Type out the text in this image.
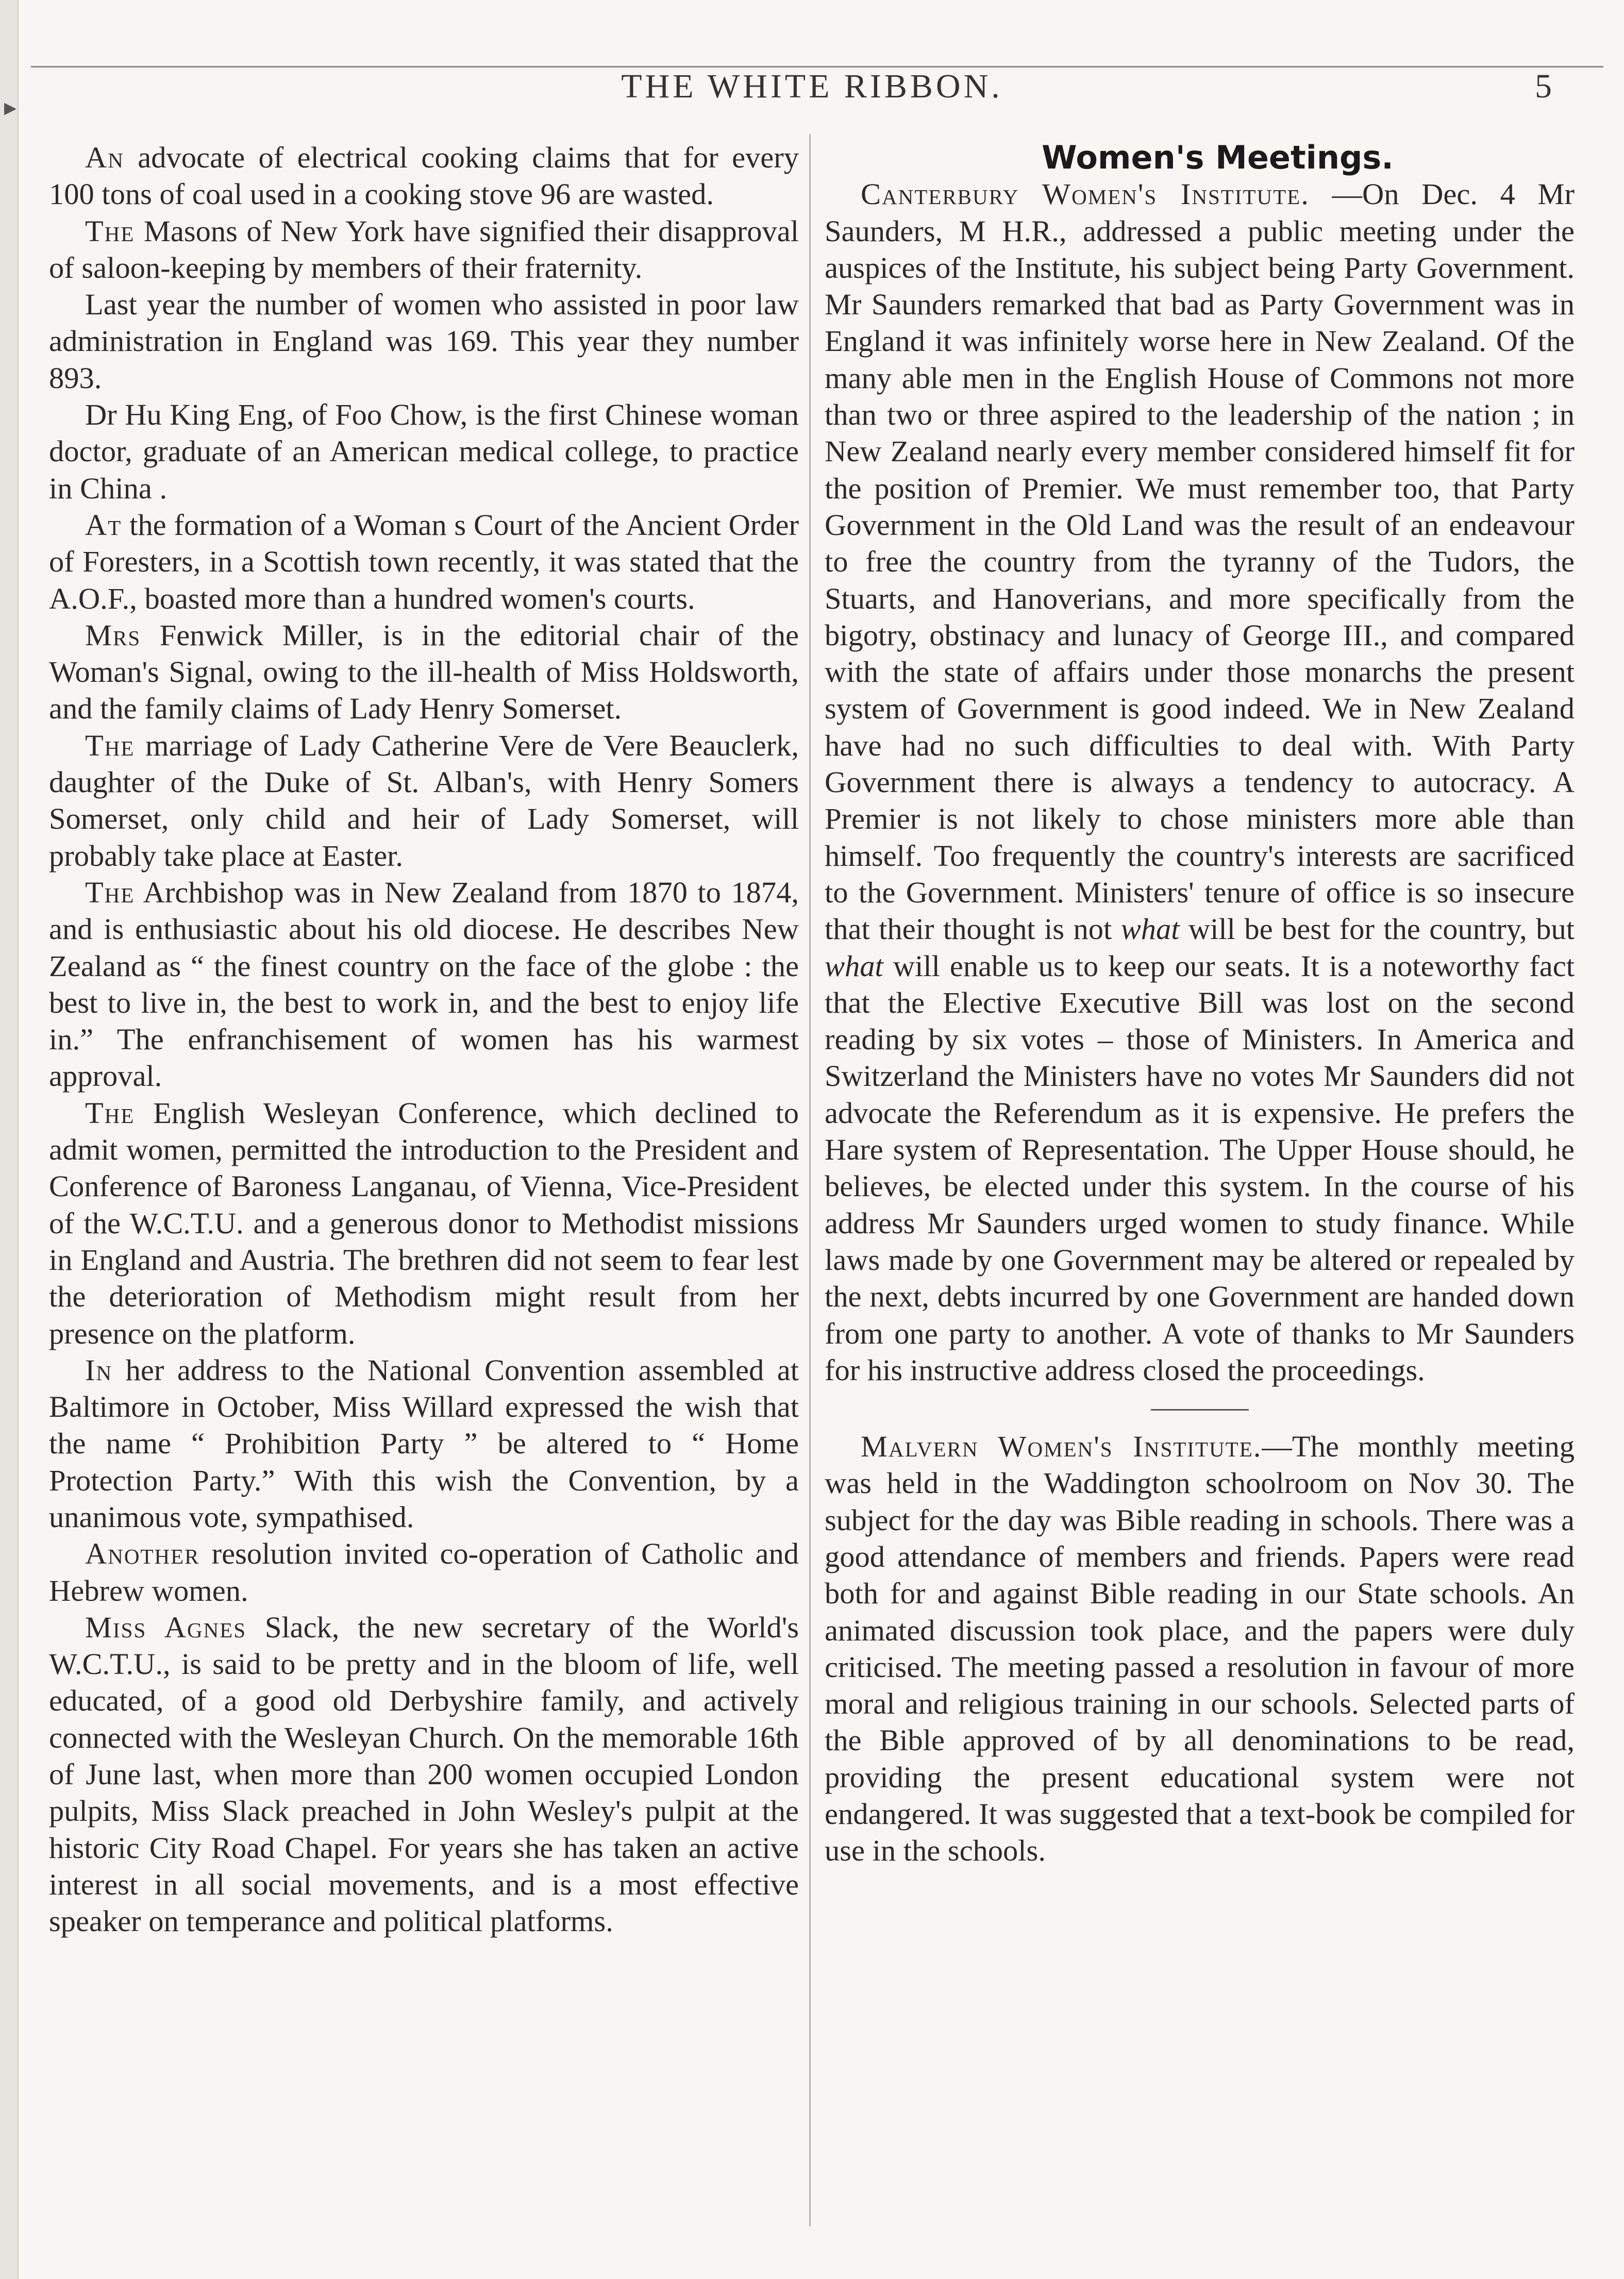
▸
THE WHITE RIBBON.	5

An advocate of electrical cooking claims that for every 100 tons of coal used in a cooking stove 96 are wasted.

The Masons of New York have signified their disapproval of saloon-keeping by members of their fraternity.

Last year the number of women who assisted in poor law administration in England was 169. This year they number 893.

Dr Hu King Eng, of Foo Chow, is the first Chinese woman doctor, graduate of an American medical college, to practice in China .

At the formation of a Woman s Court of the Ancient Order of Foresters, in a Scottish town recently, it was stated that the A.O.F., boasted more than a hundred women's courts.

Mrs Fenwick Miller, is in the editorial chair of the Woman's Signal, owing to the ill-health of Miss Holdsworth, and the family claims of Lady Henry Somerset.

The marriage of Lady Catherine Vere de Vere Beauclerk, daughter of the Duke of St. Alban's, with Henry Somers Somerset, only child and heir of Lady Somerset, will probably take place at Easter.

The Archbishop was in New Zealand from 1870 to 1874, and is enthusiastic about his old diocese. He describes New Zealand as “ the finest country on the face of the globe : the best to live in, the best to work in, and the best to enjoy life in.” The enfranchisement of women has his warmest approval.

The English Wesleyan Conference, which declined to admit women, permitted the introduction to the President and Conference of Baroness Langanau, of Vienna, Vice-President of the W.C.T.U. and a generous donor to Methodist missions in England and Austria. The brethren did not seem to fear lest the deterioration of Methodism might result from her presence on the platform.

In her address to the National Convention assembled at Baltimore in October, Miss Willard expressed the wish that the name “ Prohibition Party ” be altered to “ Home Protection Party.” With this wish the Convention, by a unanimous vote, sympathised.

Another resolution invited co-operation of Catholic and Hebrew women.

Miss Agnes Slack, the new secretary of the World's W.C.T.U., is said to be pretty and in the bloom of life, well educated, of a good old Derbyshire family, and actively connected with the Wesleyan Church. On the memorable 16th of June last, when more than 200 women occupied London pulpits, Miss Slack preached in John Wesley's pulpit at the historic City Road Chapel. For years she has taken an active interest in all social movements, and is a most effective speaker on temperance and political platforms.

Women's Meetings.

Canterbury Women's Institute. —On Dec. 4 Mr Saunders, M H.R., addressed a public meeting under the auspices of the Institute, his subject being Party Government. Mr Saunders remarked that bad as Party Government was in England it was infinitely worse here in New Zealand. Of the many able men in the English House of Commons not more than two or three aspired to the leadership of the nation ; in New Zealand nearly every member considered himself fit for the position of Premier. We must remember too, that Party Government in the Old Land was the result of an endeavour to free the country from the tyranny of the Tudors, the Stuarts, and Hanoverians, and more specifically from the bigotry, obstinacy and lunacy of George III., and compared with the state of affairs under those monarchs the present system of Government is good indeed. We in New Zealand have had no such difficulties to deal with. With Party Government there is always a tendency to autocracy. A Premier is not likely to chose ministers more able than himself. Too frequently the country's interests are sacrificed to the Government. Ministers' tenure of office is so insecure that their thought is not what will be best for the country, but what will enable us to keep our seats. It is a noteworthy fact that the Elective Executive Bill was lost on the second reading by six votes – those of Ministers. In America and Switzerland the Ministers have no votes Mr Saunders did not advocate the Referendum as it is expensive. He prefers the Hare system of Representation. The Upper House should, he believes, be elected under this system. In the course of his address Mr Saunders urged women to study finance. While laws made by one Government may be altered or repealed by the next, debts incurred by one Government are handed down from one party to another. A vote of thanks to Mr Saunders for his instructive address closed the proceedings.

Malvern Women's Institute.—The monthly meeting was held in the Waddington schoolroom on Nov 30. The subject for the day was Bible reading in schools. There was a good attendance of members and friends. Papers were read both for and against Bible reading in our State schools. An animated discussion took place, and the papers were duly criticised. The meeting passed a resolution in favour of more moral and religious training in our schools. Selected parts of the Bible approved of by all denominations to be read, providing the present educational system were not endangered. It was suggested that a text-book be compiled for use in the schools.
